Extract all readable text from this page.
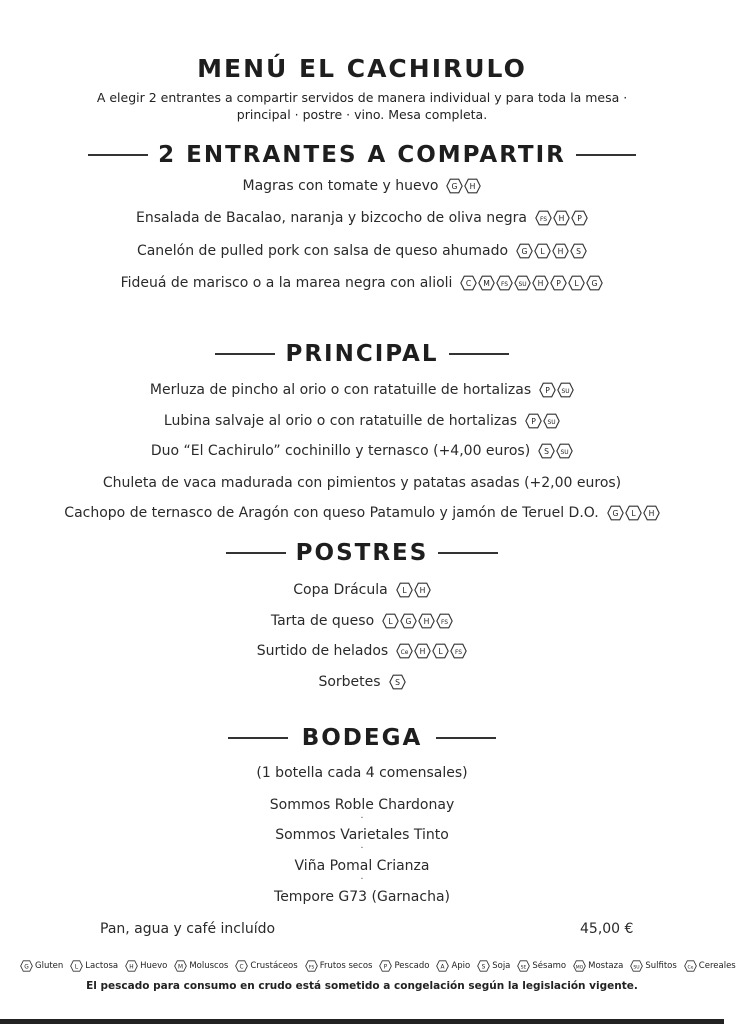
MENÚ EL CACHIRULO
A elegir 2 entrantes a compartir servidos de manera individual y para toda la mesa ·
principal · postre · vino. Mesa completa.
2 ENTRANTES A COMPARTIR
Magras con tomate y huevo G H
Ensalada de Bacalao, naranja y bizcocho de oliva negra FS H P
Canelón de pulled pork con salsa de queso ahumado G L H S
Fideuá de marisco o a la marea negra con alioli C M FS SU H P L G
PRINCIPAL
Merluza de pincho al orio o con ratatuille de hortalizas P SU
Lubina salvaje al orio o con ratatuille de hortalizas P SU
Duo “El Cachirulo” cochinillo y ternasco (+4,00 euros) S SU
Chuleta de vaca madurada con pimientos y patatas asadas (+2,00 euros)
Cachopo de ternasco de Aragón con queso Patamulo y jamón de Teruel D.O. G L H
POSTRES
Copa Drácula L H
Tarta de queso L G H FS
Surtido de helados Ce H L FS
Sorbetes S
BODEGA
(1 botella cada 4 comensales)
Sommos Roble Chardonay
·
Sommos Varietales Tinto
·
Viña Pomal Crianza
·
Tempore G73 (Garnacha)
Pan, agua y café incluído	45,00 €
G Gluten L Lactosa H Huevo M Moluscos C Crustáceos FS Frutos secos P Pescado A Apio S Soja SE Sésamo MO Mostaza SU Sulfitos Ce Cereales
El pescado para consumo en crudo está sometido a congelación según la legislación vigente.
